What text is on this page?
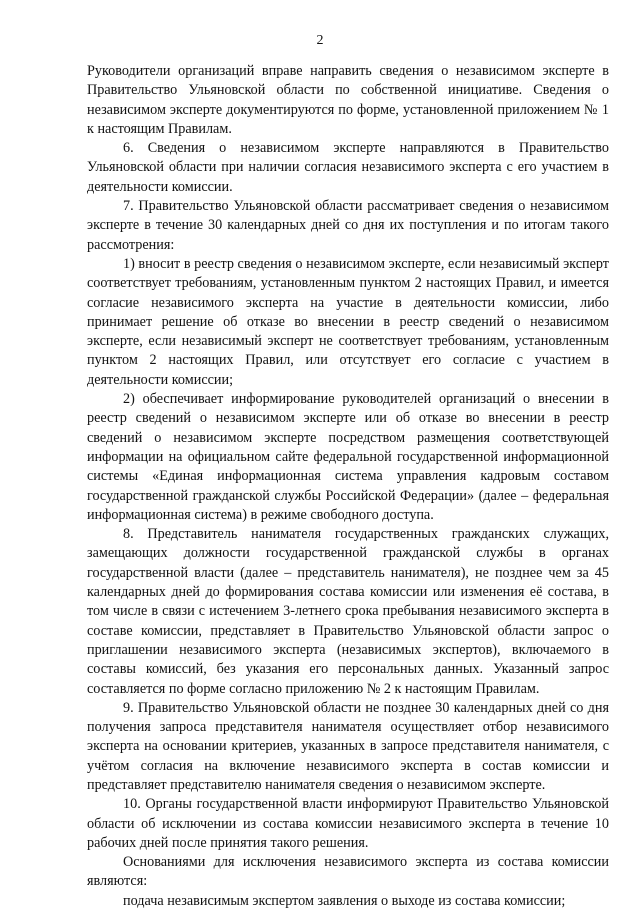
2

Руководители организаций вправе направить сведения о независимом эксперте в Правительство Ульяновской области по собственной инициативе. Сведения о независимом эксперте документируются по форме, установленной приложением № 1 к настоящим Правилам.

6. Сведения о независимом эксперте направляются в Правительство Ульяновской области при наличии согласия независимого эксперта с его участием в деятельности комиссии.

7. Правительство Ульяновской области рассматривает сведения о независимом эксперте в течение 30 календарных дней со дня их поступления и по итогам такого рассмотрения:

1) вносит в реестр сведения о независимом эксперте, если независимый эксперт соответствует требованиям, установленным пунктом 2 настоящих Правил, и имеется согласие независимого эксперта на участие в деятельности комиссии, либо принимает решение об отказе во внесении в реестр сведений о независимом эксперте, если независимый эксперт не соответствует требованиям, установленным пунктом 2 настоящих Правил, или отсутствует его согласие с участием в деятельности комиссии;

2) обеспечивает информирование руководителей организаций о внесении в реестр сведений о независимом эксперте или об отказе во внесении в реестр сведений о независимом эксперте посредством размещения соответствующей информации на официальном сайте федеральной государственной информационной системы «Единая информационная система управления кадровым составом государственной гражданской службы Российской Федерации» (далее – федеральная информационная система) в режиме свободного доступа.

8. Представитель нанимателя государственных гражданских служащих, замещающих должности государственной гражданской службы в органах государственной власти (далее – представитель нанимателя), не позднее чем за 45 календарных дней до формирования состава комиссии или изменения её состава, в том числе в связи с истечением 3-летнего срока пребывания независимого эксперта в составе комиссии, представляет в Правительство Ульяновской области запрос о приглашении независимого эксперта (независимых экспертов), включаемого в составы комиссий, без указания его персональных данных. Указанный запрос составляется по форме согласно приложению № 2 к настоящим Правилам.

9. Правительство Ульяновской области не позднее 30 календарных дней со дня получения запроса представителя нанимателя осуществляет отбор независимого эксперта на основании критериев, указанных в запросе представителя нанимателя, с учётом согласия на включение независимого эксперта в состав комиссии и представляет представителю нанимателя сведения о независимом эксперте.

10. Органы государственной власти информируют Правительство Ульяновской области об исключении из состава комиссии независимого эксперта в течение 10 рабочих дней после принятия такого решения.

Основаниями для исключения независимого эксперта из состава комиссии являются:

подача независимым экспертом заявления о выходе из состава комиссии;
